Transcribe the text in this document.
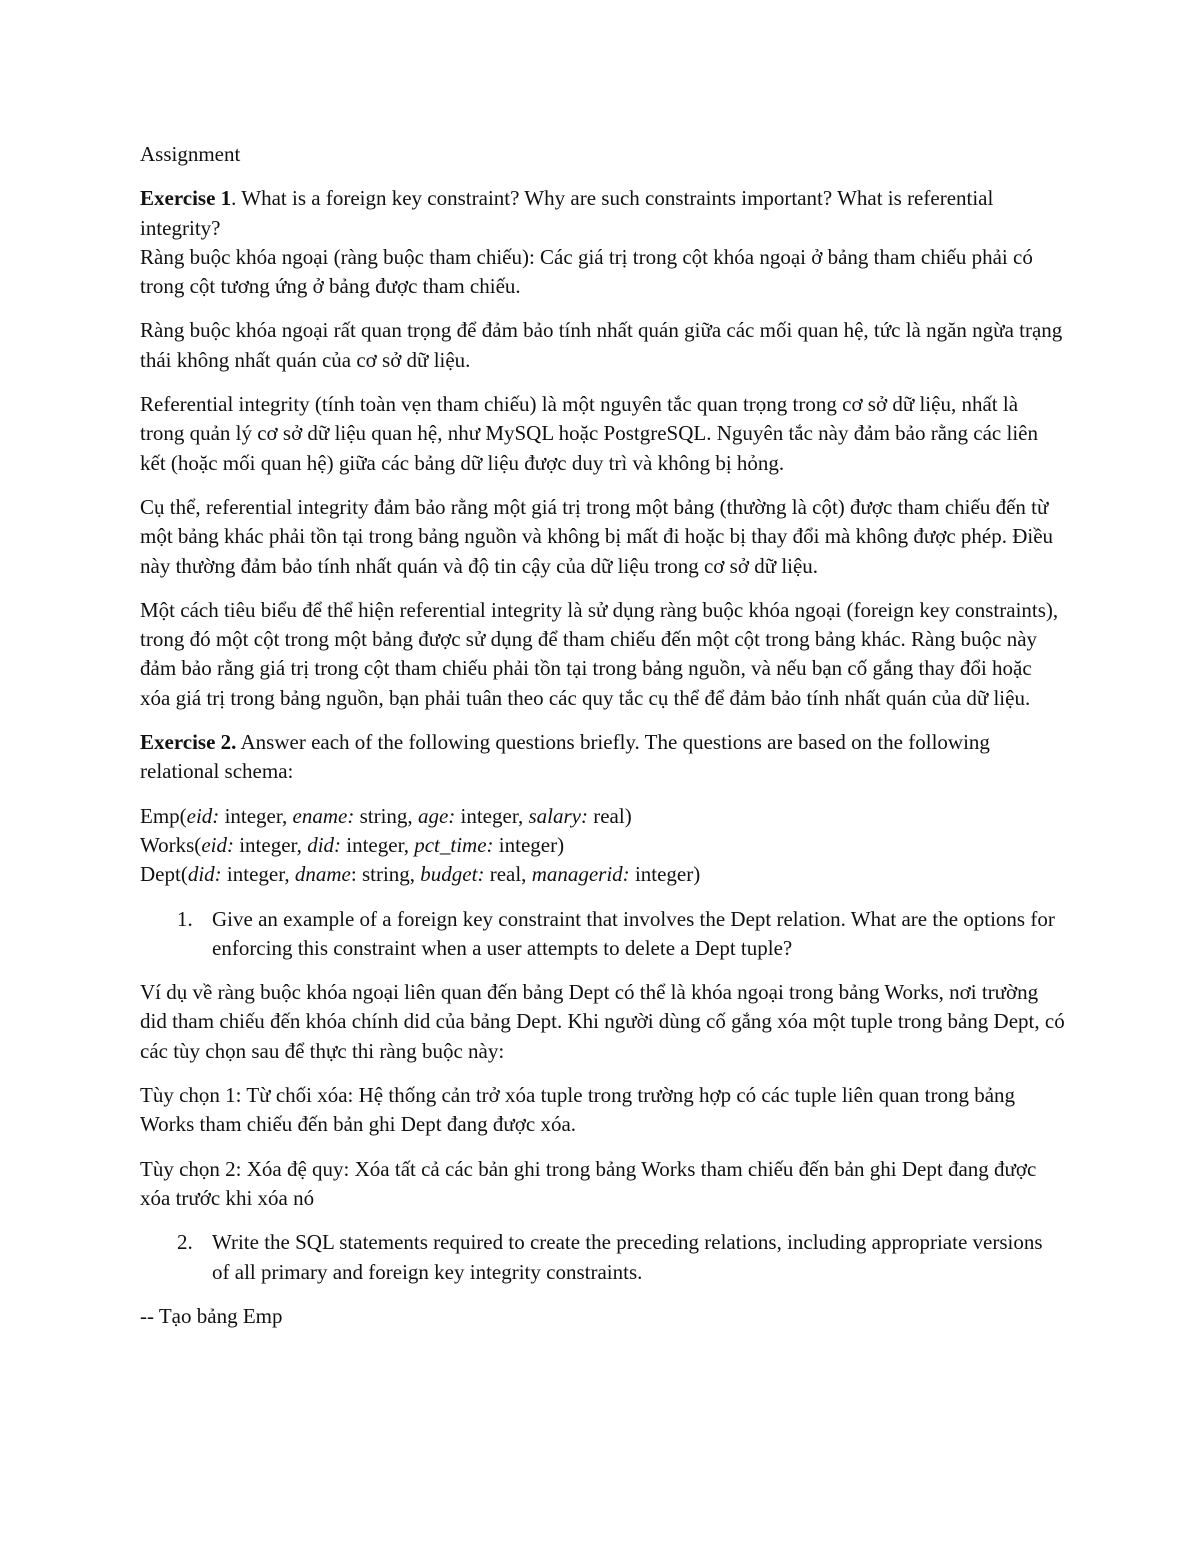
Assignment

Exercise 1. What is a foreign key constraint? Why are such constraints important? What is referential integrity?

Ràng buộc khóa ngoại (ràng buộc tham chiếu): Các giá trị trong cột khóa ngoại ở bảng tham chiếu phải có trong cột tương ứng ở bảng được tham chiếu.

Ràng buộc khóa ngoại rất quan trọng để đảm bảo tính nhất quán giữa các mối quan hệ, tức là ngăn ngừa trạng thái không nhất quán của cơ sở dữ liệu.

Referential integrity (tính toàn vẹn tham chiếu) là một nguyên tắc quan trọng trong cơ sở dữ liệu, nhất là trong quản lý cơ sở dữ liệu quan hệ, như MySQL hoặc PostgreSQL. Nguyên tắc này đảm bảo rằng các liên kết (hoặc mối quan hệ) giữa các bảng dữ liệu được duy trì và không bị hỏng.

Cụ thể, referential integrity đảm bảo rằng một giá trị trong một bảng (thường là cột) được tham chiếu đến từ một bảng khác phải tồn tại trong bảng nguồn và không bị mất đi hoặc bị thay đổi mà không được phép. Điều này thường đảm bảo tính nhất quán và độ tin cậy của dữ liệu trong cơ sở dữ liệu.

Một cách tiêu biểu để thể hiện referential integrity là sử dụng ràng buộc khóa ngoại (foreign key constraints), trong đó một cột trong một bảng được sử dụng để tham chiếu đến một cột trong bảng khác. Ràng buộc này đảm bảo rằng giá trị trong cột tham chiếu phải tồn tại trong bảng nguồn, và nếu bạn cố gắng thay đổi hoặc xóa giá trị trong bảng nguồn, bạn phải tuân theo các quy tắc cụ thể để đảm bảo tính nhất quán của dữ liệu.

Exercise 2. Answer each of the following questions briefly. The questions are based on the following relational schema:

Emp(eid: integer, ename: string, age: integer, salary: real)

Works(eid: integer, did: integer, pct_time: integer)

Dept(did: integer, dname: string, budget: real, managerid: integer)

1. Give an example of a foreign key constraint that involves the Dept relation. What are the options for enforcing this constraint when a user attempts to delete a Dept tuple?

Ví dụ về ràng buộc khóa ngoại liên quan đến bảng Dept có thể là khóa ngoại trong bảng Works, nơi trường did tham chiếu đến khóa chính did của bảng Dept. Khi người dùng cố gắng xóa một tuple trong bảng Dept, có các tùy chọn sau để thực thi ràng buộc này:

Tùy chọn 1: Từ chối xóa: Hệ thống cản trở xóa tuple trong trường hợp có các tuple liên quan trong bảng Works tham chiếu đến bản ghi Dept đang được xóa.

Tùy chọn 2: Xóa đệ quy: Xóa tất cả các bản ghi trong bảng Works tham chiếu đến bản ghi Dept đang được xóa trước khi xóa nó

2. Write the SQL statements required to create the preceding relations, including appropriate versions of all primary and foreign key integrity constraints.

-- Tạo bảng Emp
